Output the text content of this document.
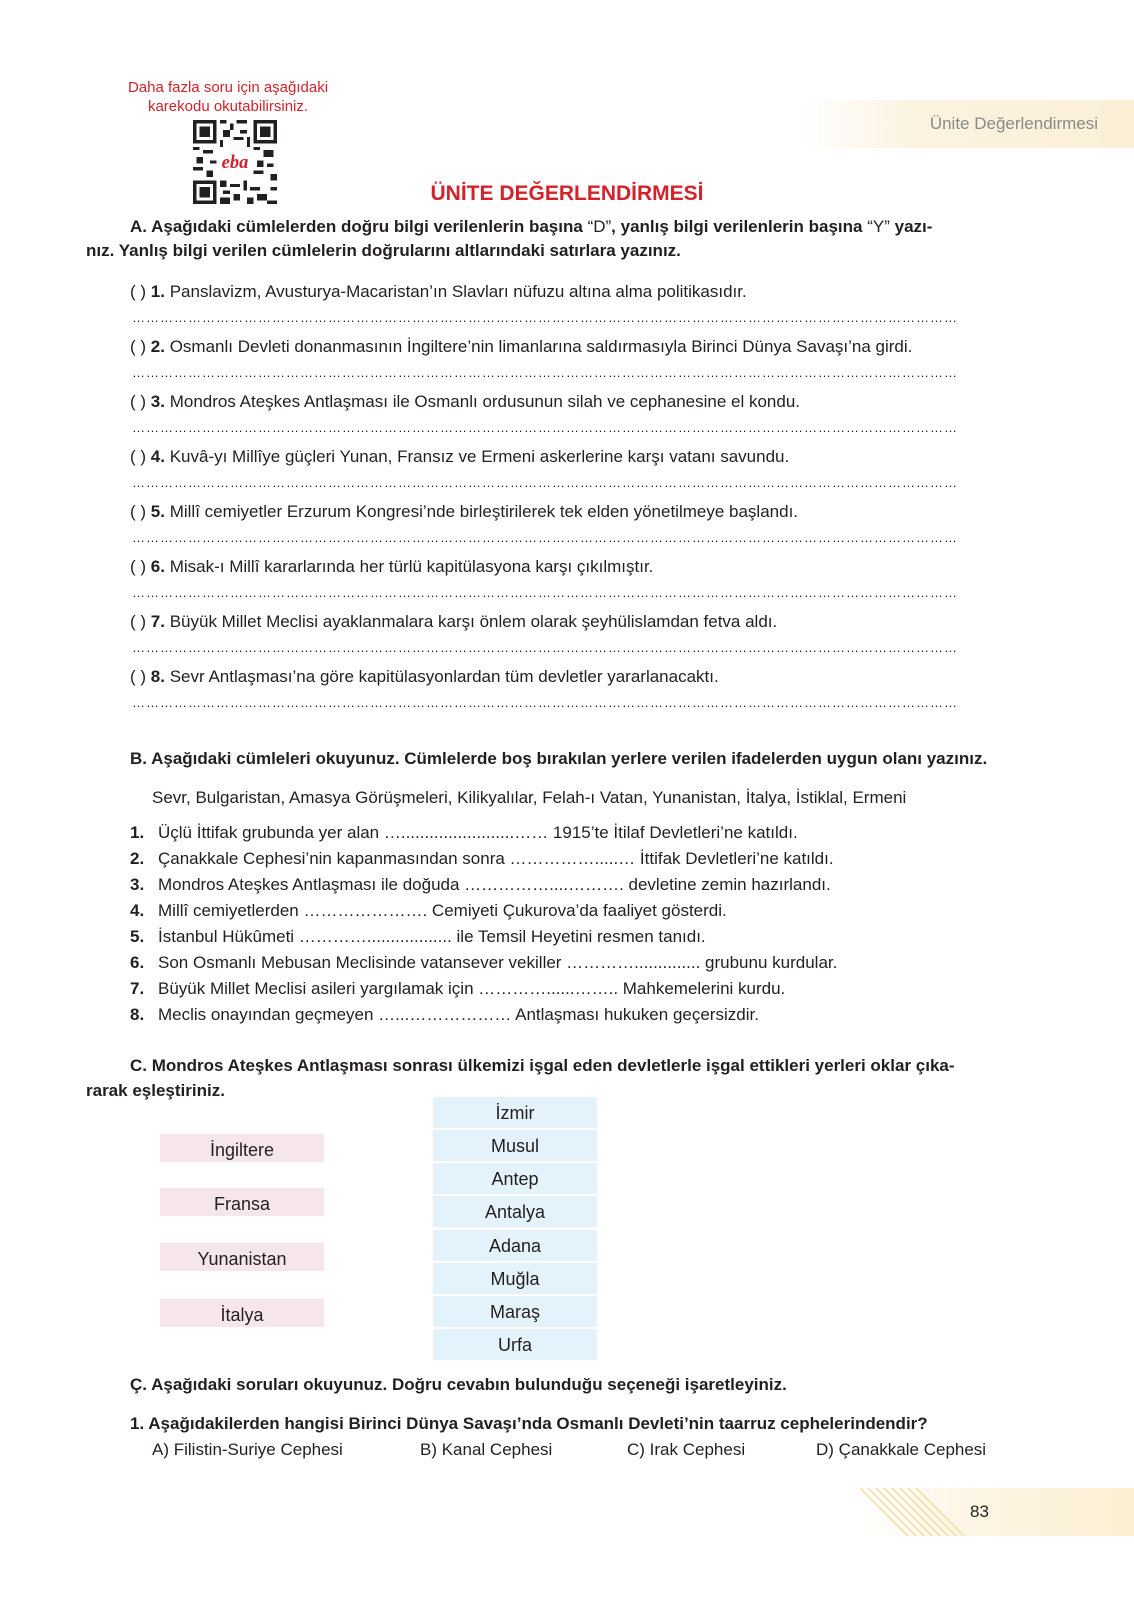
Daha fazla soru için aşağıdaki
karekodu okutabilirsiniz.
eba
Ünite Değerlendirmesi
ÜNİTE DEĞERLENDİRMESİ
A. Aşağıdaki cümlelerden doğru bilgi verilenlerin başına “D”, yanlış bilgi verilenlerin başına “Y” yazı-
nız. Yanlış bilgi verilen cümlelerin doğrularını altlarındaki satırlara yazınız.
( ) 1. Panslavizm, Avusturya-Macaristan’ın Slavları nüfuzu altına alma politikasıdır.
……………………………………………………………………………………………………………………………………………………………
( ) 2. Osmanlı Devleti donanmasının İngiltere’nin limanlarına saldırmasıyla Birinci Dünya Savaşı’na girdi.
……………………………………………………………………………………………………………………………………………………………
( ) 3. Mondros Ateşkes Antlaşması ile Osmanlı ordusunun silah ve cephanesine el kondu.
……………………………………………………………………………………………………………………………………………………………
( ) 4. Kuvâ-yı Millîye güçleri Yunan, Fransız ve Ermeni askerlerine karşı vatanı savundu.
……………………………………………………………………………………………………………………………………………………………
( ) 5. Millî cemiyetler Erzurum Kongresi’nde birleştirilerek tek elden yönetilmeye başlandı.
……………………………………………………………………………………………………………………………………………………………
( ) 6. Misak-ı Millî kararlarında her türlü kapitülasyona karşı çıkılmıştır.
……………………………………………………………………………………………………………………………………………………………
( ) 7. Büyük Millet Meclisi ayaklanmalara karşı önlem olarak şeyhülislamdan fetva aldı.
……………………………………………………………………………………………………………………………………………………………
( ) 8. Sevr Antlaşması’na göre kapitülasyonlardan tüm devletler yararlanacaktı.
……………………………………………………………………………………………………………………………………………………………
B. Aşağıdaki cümleleri okuyunuz. Cümlelerde boş bırakılan yerlere verilen ifadelerden uygun olanı yazınız.
Sevr, Bulgaristan, Amasya Görüşmeleri, Kilikyalılar, Felah-ı Vatan, Yunanistan, İtalya, İstiklal, Ermeni
1. Üçlü İttifak grubunda yer alan …........................…… 1915’te İtilaf Devletleri’ne katıldı.
2. Çanakkale Cephesi’nin kapanmasından sonra …………….....… İttifak Devletleri’ne katıldı.
3. Mondros Ateşkes Antlaşması ile doğuda ……………....………. devletine zemin hazırlandı.
4. Millî cemiyetlerden …………………. Cemiyeti Çukurova’da faaliyet gösterdi.
5. İstanbul Hükûmeti ………….................. ile Temsil Heyetini resmen tanıdı.
6. Son Osmanlı Mebusan Meclisinde vatansever vekiller ………….............. grubunu kurdular.
7. Büyük Millet Meclisi asileri yargılamak için …………......…….. Mahkemelerini kurdu.
8. Meclis onayından geçmeyen …...……………… Antlaşması hukuken geçersizdir.
C. Mondros Ateşkes Antlaşması sonrası ülkemizi işgal eden devletlerle işgal ettikleri yerleri oklar çıka-
rarak eşleştiriniz.
İngiltere
Fransa
Yunanistan
İtalya
İzmir
Musul
Antep
Antalya
Adana
Muğla
Maraş
Urfa
Ç. Aşağıdaki soruları okuyunuz. Doğru cevabın bulunduğu seçeneği işaretleyiniz.
1. Aşağıdakilerden hangisi Birinci Dünya Savaşı’nda Osmanlı Devleti’nin taarruz cephelerindendir?
A) Filistin-Suriye Cephesi	B) Kanal Cephesi	C) Irak Cephesi	D) Çanakkale Cephesi
83
